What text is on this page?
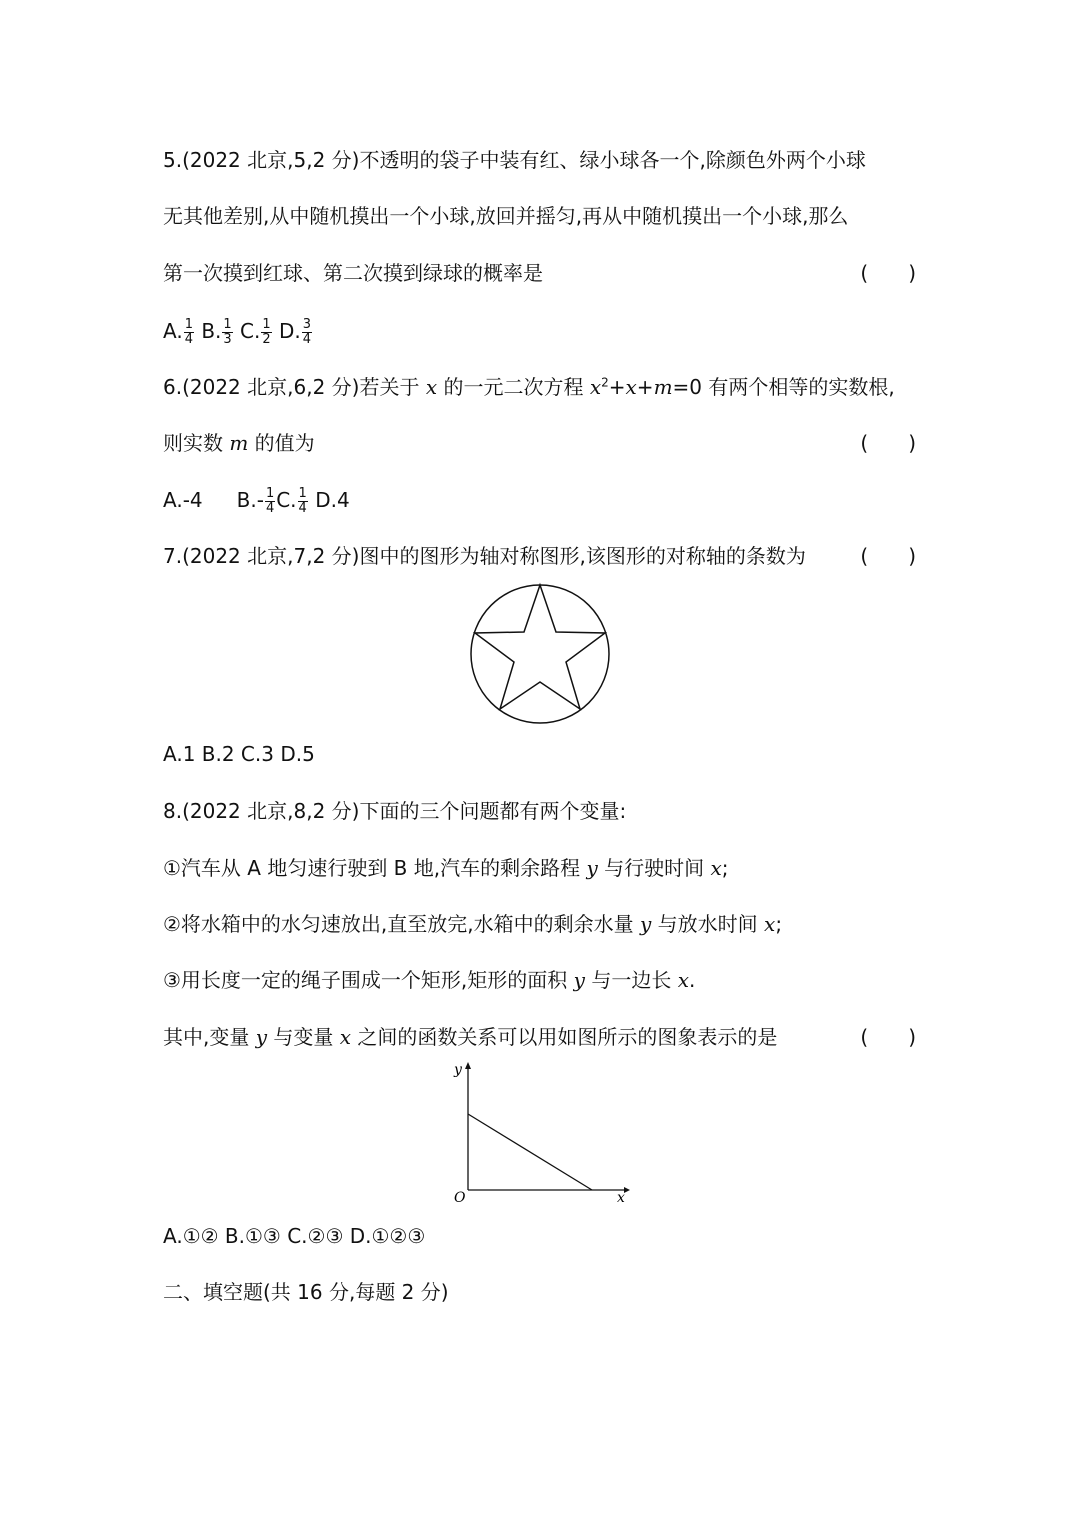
5.(2022 北京,5,2 分)不透明的袋子中装有红、绿小球各一个,除颜色外两个小球
无其他差别,从中随机摸出一个小球,放回并摇匀,再从中随机摸出一个小球,那么
第一次摸到红球、第二次摸到绿球的概率是	(　　)
A. $\frac{1}{4} B$. $\frac{1}{3} C$. $\frac{1}{2} D$. $\frac{3}{4}$
6.(2022 北京,6,2 分)若关于 x 的一元二次方程 $x^2+x+m=0$ 有两个相等的实数根,
则实数 m 的值为	(　　)
A.-4 $B.- \frac{1}{4} C$. $\frac{1}{4} D.4$
7.(2022 北京,7,2 分)图中的图形为轴对称图形,该图形的对称轴的条数为	(　　)
A.1 B.2 C.3 D.5
8.(2022 北京,8,2 分)下面的三个问题都有两个变量:
①汽车从 A 地匀速行驶到 B 地,汽车的剩余路程 y 与行驶时间 x;
②将水箱中的水匀速放出,直至放完,水箱中的剩余水量 y 与放水时间 x;
③用长度一定的绳子围成一个矩形,矩形的面积 y 与一边长 x.
其中,变量 y 与变量 x 之间的函数关系可以用如图所示的图象表示的是	(　　)
y
x
O
A.①② B.①③ C.②③ D.①②③
二、填空题(共 16 分,每题 2 分)
